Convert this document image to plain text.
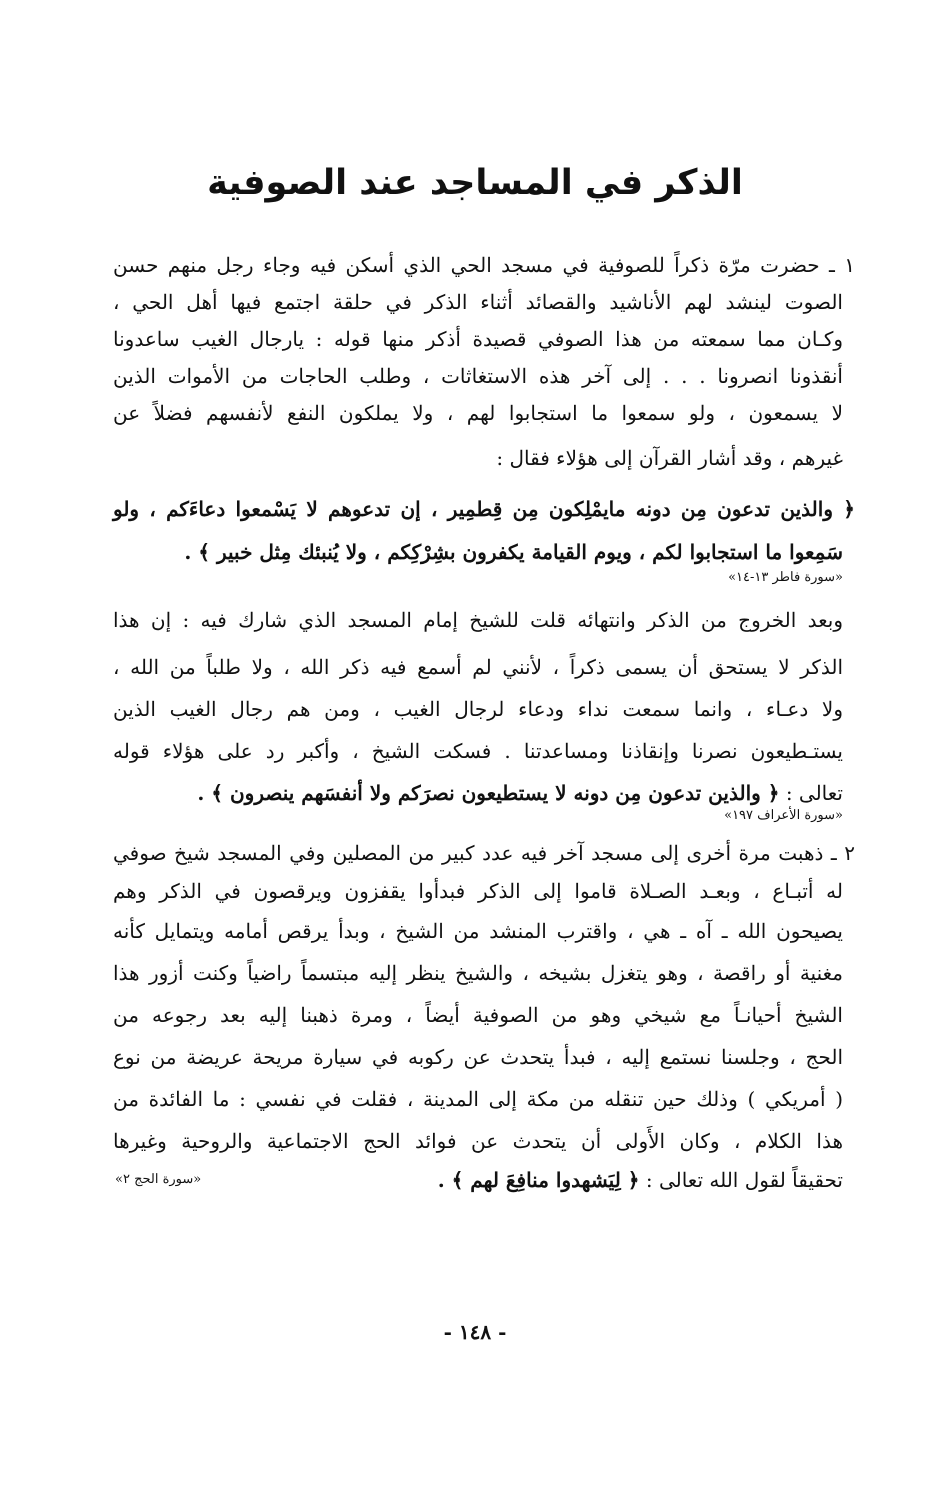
الذكر في المساجد عند الصوفية
١ ـ حضرت مرّة ذكراً للصوفية في مسجد الحي الذي أسكن فيه وجاء رجل منهم حسن
الصوت لينشد لهم الأناشيد والقصائد أثناء الذكر في حلقة اجتمع فيها أهل الحي ،
وكـان مما سمعته من هذا الصوفي قصيدة أذكر منها قوله : يارجال الغيب ساعدونا
أنقذونا انصرونا . . . إلى آخر هذه الاستغاثات ، وطلب الحاجات من الأموات الذين
لا يسمعون ، ولو سمعوا ما استجابوا لهم ، ولا يملكون النفع لأنفسهم فضلاً عن
غيرهم ، وقد أشار القرآن إلى هؤلاء فقال :
﴿ والذين تدعون مِن دونه مايمْلِكون مِن قِطمِير ، إن تدعوهم لا يَسْمعوا دعاءَكم ، ولو
سَمِعوا ما استجابوا لكم ، ويوم القيامة يكفرون بشِرْكِكم ، ولا يُنبئك مِثل خبير ﴾ .
«سورة فاطر ١٣-١٤»
وبعد الخروج من الذكر وانتهائه قلت للشيخ إمام المسجد الذي شارك فيه : إن هذا
الذكر لا يستحق أن يسمى ذكراً ، لأنني لم أسمع فيه ذكر الله ، ولا طلباً من الله ،
ولا دعـاء ، وانما سمعت نداء ودعاء لرجال الغيب ، ومن هم رجال الغيب الذين
يستـطيعون نصرنا وإنقاذنا ومساعدتنا . فسكت الشيخ ، وأكبر رد على هؤلاء قوله
تعالى : ﴿ والذين تدعون مِن دونه لا يستطيعون نصرَكم ولا أنفسَهم ينصرون ﴾ .
«سورة الأعراف ١٩٧»
٢ ـ ذهبت مرة أخرى إلى مسجد آخر فيه عدد كبير من المصلين وفي المسجد شيخ صوفي
له أتبـاع ، وبعـد الصـلاة قاموا إلى الذكر فبدأوا يقفزون ويرقصون في الذكر وهم
يصيحون الله ـ آه ـ هي ، واقترب المنشد من الشيخ ، وبدأ يرقص أمامه ويتمايل كأنه
مغنية أو راقصة ، وهو يتغزل بشيخه ، والشيخ ينظر إليه مبتسماً راضياً وكنت أزور هذا
الشيخ أحيانـاً مع شيخي وهو من الصوفية أيضاً ، ومرة ذهبنا إليه بعد رجوعه من
الحج ، وجلسنا نستمع إليه ، فبدأ يتحدث عن ركوبه في سيارة مريحة عريضة من نوع
( أمريكي ) وذلك حين تنقله من مكة إلى المدينة ، فقلت في نفسي : ما الفائدة من
هذا الكلام ، وكان الأَولى أن يتحدث عن فوائد الحج الاجتماعية والروحية وغيرها
تحقيقاً لقول الله تعالى : ﴿ لِيَشهدوا منافِعَ لهم ﴾ .
«سورة الحج ٢»
- ١٤٨ -
